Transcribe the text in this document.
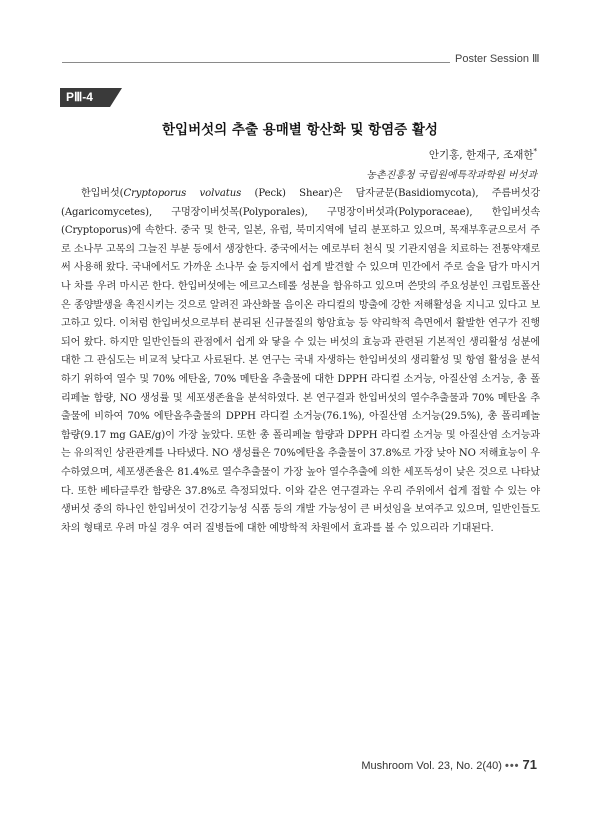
Poster Session Ⅲ
PⅢ-4
한입버섯의 추출 용매별 항산화 및 항염증 활성
안기홍, 한재구, 조재한*
농촌진흥청 국립원예특작과학원 버섯과

한입버섯(Cryptoporus volvatus (Peck) Shear)은 담자균문(Basidiomycota), 주름버섯강(Agaricomycetes), 구멍장이버섯목(Polyporales), 구멍장이버섯과(Polyporaceae), 한입버섯속(Cryptoporus)에 속한다. 중국 및 한국, 일본, 유럽, 북미지역에 널리 분포하고 있으며, 목재부후균으로서 주로 소나무 고목의 그늘진 부분 등에서 생장한다. 중국에서는 예로부터 천식 및 기관지염을 치료하는 전통약재로써 사용해 왔다. 국내에서도 가까운 소나무 숲 등지에서 쉽게 발견할 수 있으며 민간에서 주로 술을 담가 마시거나 차를 우려 마시곤 한다. 한입버섯에는 에르고스테롤 성분을 함유하고 있으며 쓴맛의 주요성분인 크립토폴산은 종양발생을 촉진시키는 것으로 알려진 과산화물 음이온 라디컬의 방출에 강한 저해활성을 지니고 있다고 보고하고 있다. 이처럼 한입버섯으로부터 분리된 신규물질의 항암효능 등 약리학적 측면에서 활발한 연구가 진행되어 왔다. 하지만 일반인들의 관점에서 쉽게 와 닿을 수 있는 버섯의 효능과 관련된 기본적인 생리활성 성분에 대한 그 관심도는 비교적 낮다고 사료된다. 본 연구는 국내 자생하는 한입버섯의 생리활성 및 항염 활성을 분석하기 위하여 열수 및 70% 에탄올, 70% 메탄올 추출물에 대한 DPPH 라디컬 소거능, 아질산염 소거능, 총 폴리페놀 함량, NO 생성률 및 세포생존율을 분석하였다. 본 연구결과 한입버섯의 열수추출물과 70% 메탄올 추출물에 비하여 70% 에탄올추출물의 DPPH 라디컬 소거능(76.1%), 아질산염 소거능(29.5%), 총 폴리페놀 함량(9.17 mg GAE/g)이 가장 높았다. 또한 총 폴리페놀 함량과 DPPH 라디컬 소거능 및 아질산염 소거능과는 유의적인 상관관계를 나타냈다. NO 생성률은 70%에탄올 추출물이 37.8%로 가장 낮아 NO 저해효능이 우수하였으며, 세포생존율은 81.4%로 열수추출물이 가장 높아 열수추출에 의한 세포독성이 낮은 것으로 나타났다. 또한 베타글루칸 함량은 37.8%로 측정되었다. 이와 같은 연구결과는 우리 주위에서 쉽게 접할 수 있는 야생버섯 중의 하나인 한입버섯이 건강기능성 식품 등의 개발 가능성이 큰 버섯임을 보여주고 있으며, 일반인들도 차의 형태로 우려 마실 경우 여러 질병들에 대한 예방학적 차원에서 효과를 볼 수 있으리라 기대된다.

Mushroom Vol. 23, No. 2(40) ••• 71
